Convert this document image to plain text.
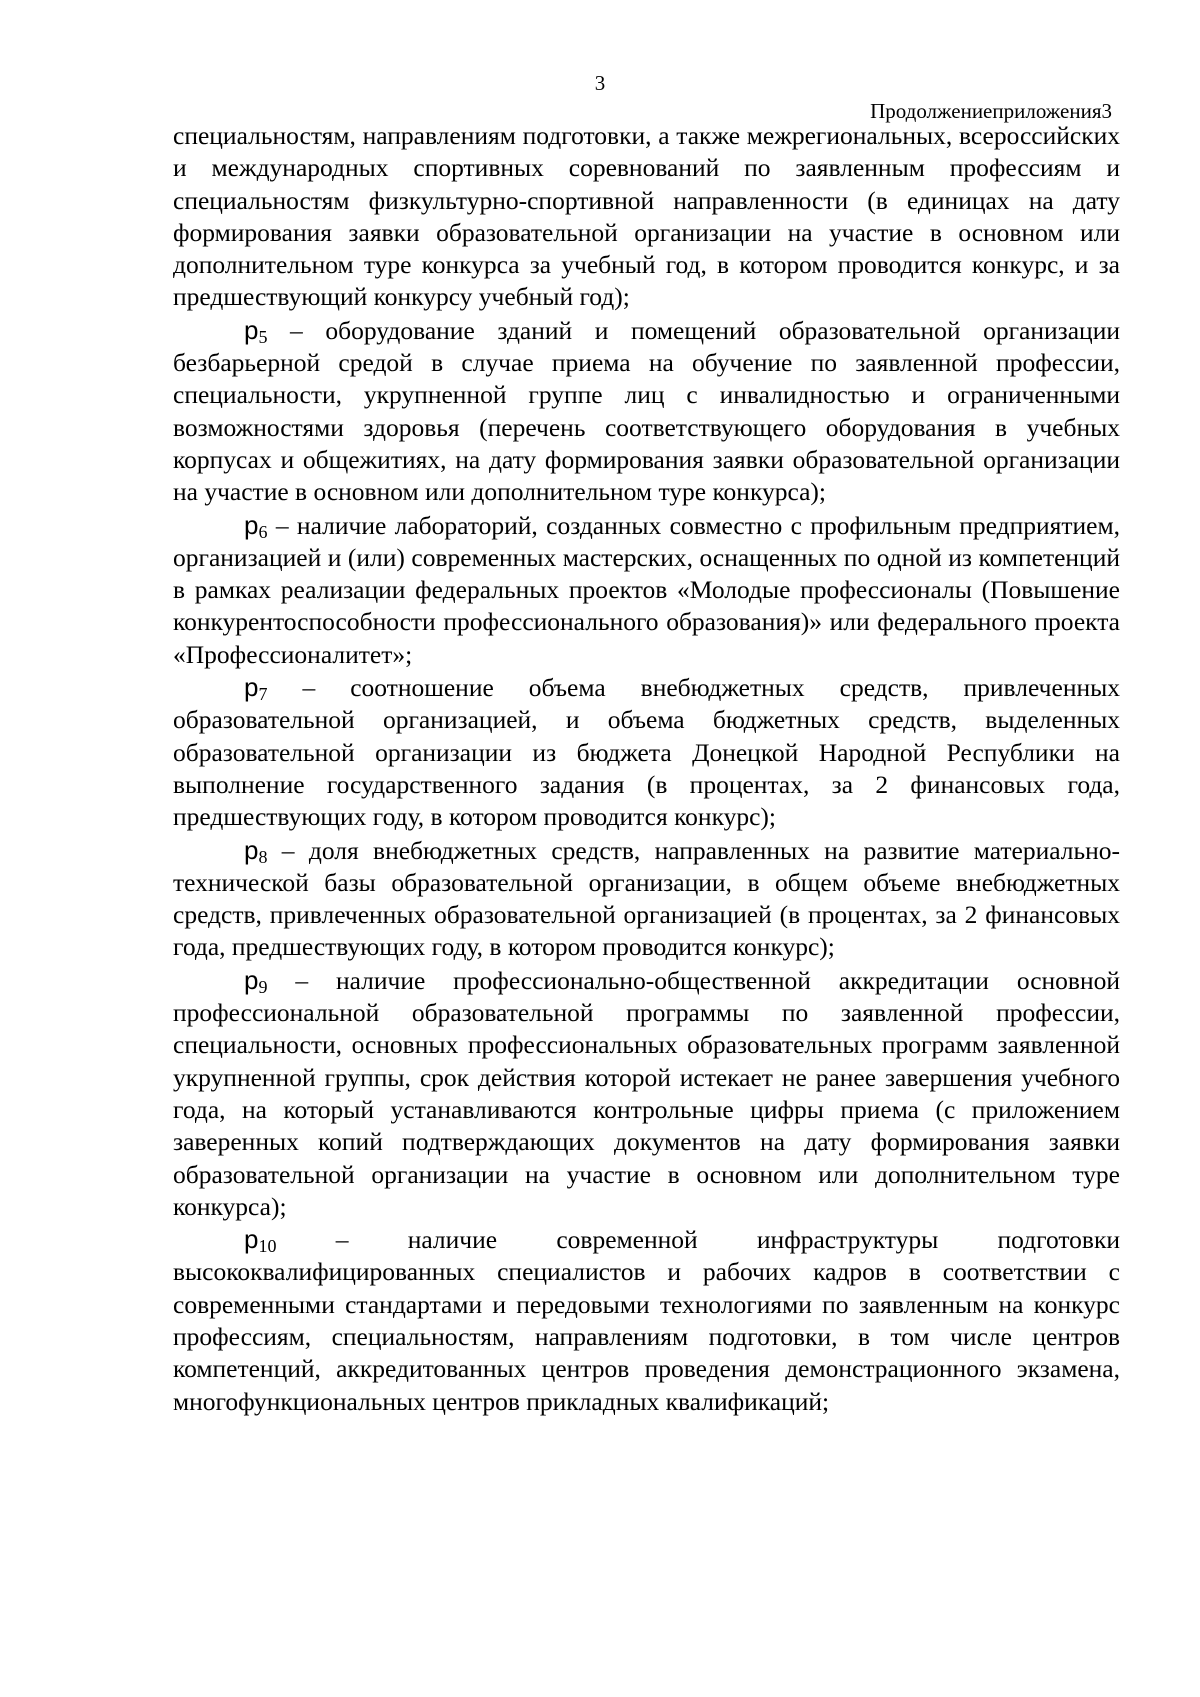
3
Продолжениеприложения3

специальностям, направлениям подготовки, а также межрегиональных, всероссийских и международных спортивных соревнований по заявленным профессиям и специальностям физкультурно-спортивной направленности (в единицах на дату формирования заявки образовательной организации на участие в основном или дополнительном туре конкурса за учебный год, в котором проводится конкурс, и за предшествующий конкурсу учебный год);

$p_5$ – оборудование зданий и помещений образовательной организации безбарьерной средой в случае приема на обучение по заявленной профессии, специальности, укрупненной группе лиц с инвалидностью и ограниченными возможностями здоровья (перечень соответствующего оборудования в учебных корпусах и общежитиях, на дату формирования заявки образовательной организации на участие в основном или дополнительном туре конкурса);

$p_6$ – наличие лабораторий, созданных совместно с профильным предприятием, организацией и (или) современных мастерских, оснащенных по одной из компетенций в рамках реализации федеральных проектов «Молодые профессионалы (Повышение конкурентоспособности профессионального образования)» или федерального проекта «Профессионалитет»;

$p_7$ – соотношение объема внебюджетных средств, привлеченных образовательной организацией, и объема бюджетных средств, выделенных образовательной организации из бюджета Донецкой Народной Республики на выполнение государственного задания (в процентах, за 2 финансовых года, предшествующих году, в котором проводится конкурс);

$p_8$ – доля внебюджетных средств, направленных на развитие материально-технической базы образовательной организации, в общем объеме внебюджетных средств, привлеченных образовательной организацией (в процентах, за 2 финансовых года, предшествующих году, в котором проводится конкурс);

$p_9$ – наличие профессионально-общественной аккредитации основной профессиональной образовательной программы по заявленной профессии, специальности, основных профессиональных образовательных программ заявленной укрупненной группы, срок действия которой истекает не ранее завершения учебного года, на который устанавливаются контрольные цифры приема (с приложением заверенных копий подтверждающих документов на дату формирования заявки образовательной организации на участие в основном или дополнительном туре конкурса);

$p_{10}$ – наличие современной инфраструктуры подготовки высококвалифицированных специалистов и рабочих кадров в соответствии с современными стандартами и передовыми технологиями по заявленным на конкурс профессиям, специальностям, направлениям подготовки, в том числе центров компетенций, аккредитованных центров проведения демонстрационного экзамена, многофункциональных центров прикладных квалификаций;
